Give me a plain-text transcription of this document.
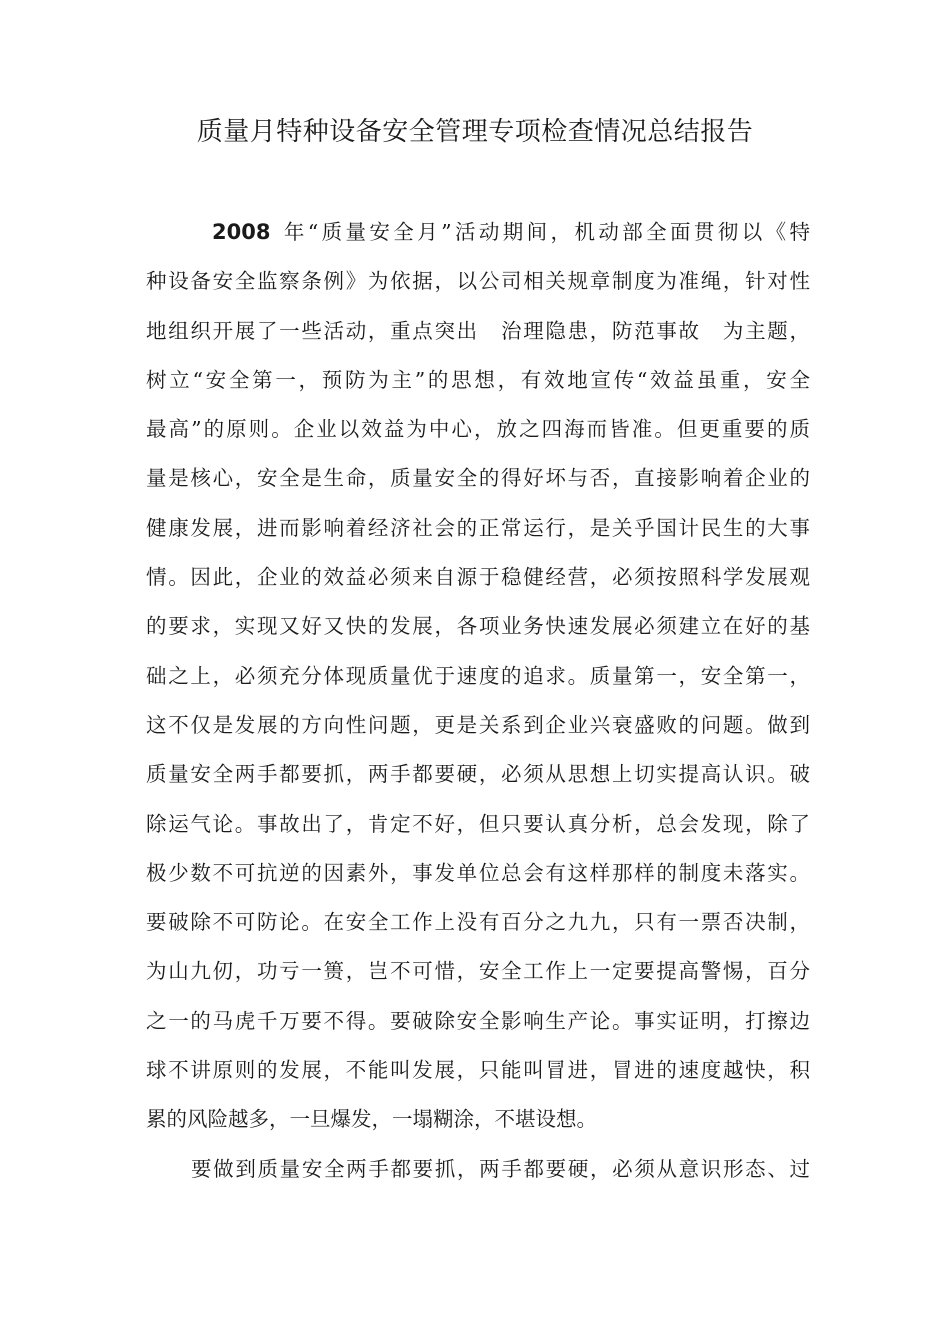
质量月特种设备安全管理专项检查情况总结报告
2008 年“质量安全月”活动期间，机动部全面贯彻以《特
种设备安全监察条例》为依据，以公司相关规章制度为准绳，针对性
地组织开展了一些活动，重点突出　治理隐患，防范事故　为主题，
树立“安全第一，预防为主”的思想，有效地宣传“效益虽重，安全
最高”的原则。企业以效益为中心，放之四海而皆准。但更重要的质
量是核心，安全是生命，质量安全的得好坏与否，直接影响着企业的
健康发展，进而影响着经济社会的正常运行，是关乎国计民生的大事
情。因此，企业的效益必须来自源于稳健经营，必须按照科学发展观
的要求，实现又好又快的发展，各项业务快速发展必须建立在好的基
础之上，必须充分体现质量优于速度的追求。质量第一，安全第一，
这不仅是发展的方向性问题，更是关系到企业兴衰盛败的问题。做到
质量安全两手都要抓，两手都要硬，必须从思想上切实提高认识。破
除运气论。事故出了，肯定不好，但只要认真分析，总会发现，除了
极少数不可抗逆的因素外，事发单位总会有这样那样的制度未落实。
要破除不可防论。在安全工作上没有百分之九九，只有一票否决制，
为山九仞，功亏一篑，岂不可惜，安全工作上一定要提高警惕，百分
之一的马虎千万要不得。要破除安全影响生产论。事实证明，打擦边
球不讲原则的发展，不能叫发展，只能叫冒进，冒进的速度越快，积
累的风险越多，一旦爆发，一塌糊涂，不堪设想。
要做到质量安全两手都要抓，两手都要硬，必须从意识形态、过
